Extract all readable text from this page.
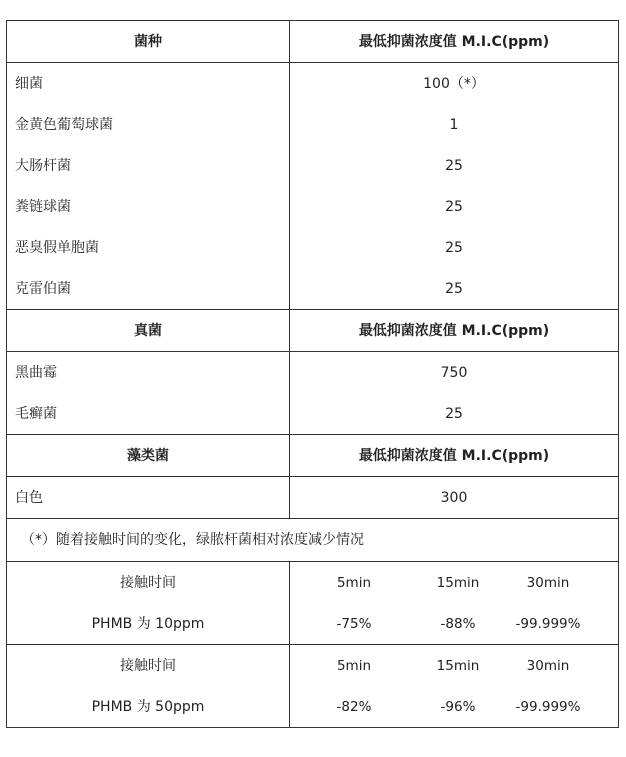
菌种	最低抑菌浓度值 M.I.C(ppm)
细菌	100（*）
金黄色葡萄球菌	1
大肠杆菌	25
粪链球菌	25
恶臭假单胞菌	25
克雷伯菌	25
真菌	最低抑菌浓度值 M.I.C(ppm)
黑曲霉	750
毛癣菌	25
藻类菌	最低抑菌浓度值 M.I.C(ppm)
白色	300
（*）随着接触时间的变化，绿脓杆菌相对浓度减少情况	
接触时间	5min 15min 30min

PHMB 为 10ppm	-75% -88% -99.999%

接触时间	5min 15min 30min

PHMB 为 50ppm	-82% -96% -99.999%
